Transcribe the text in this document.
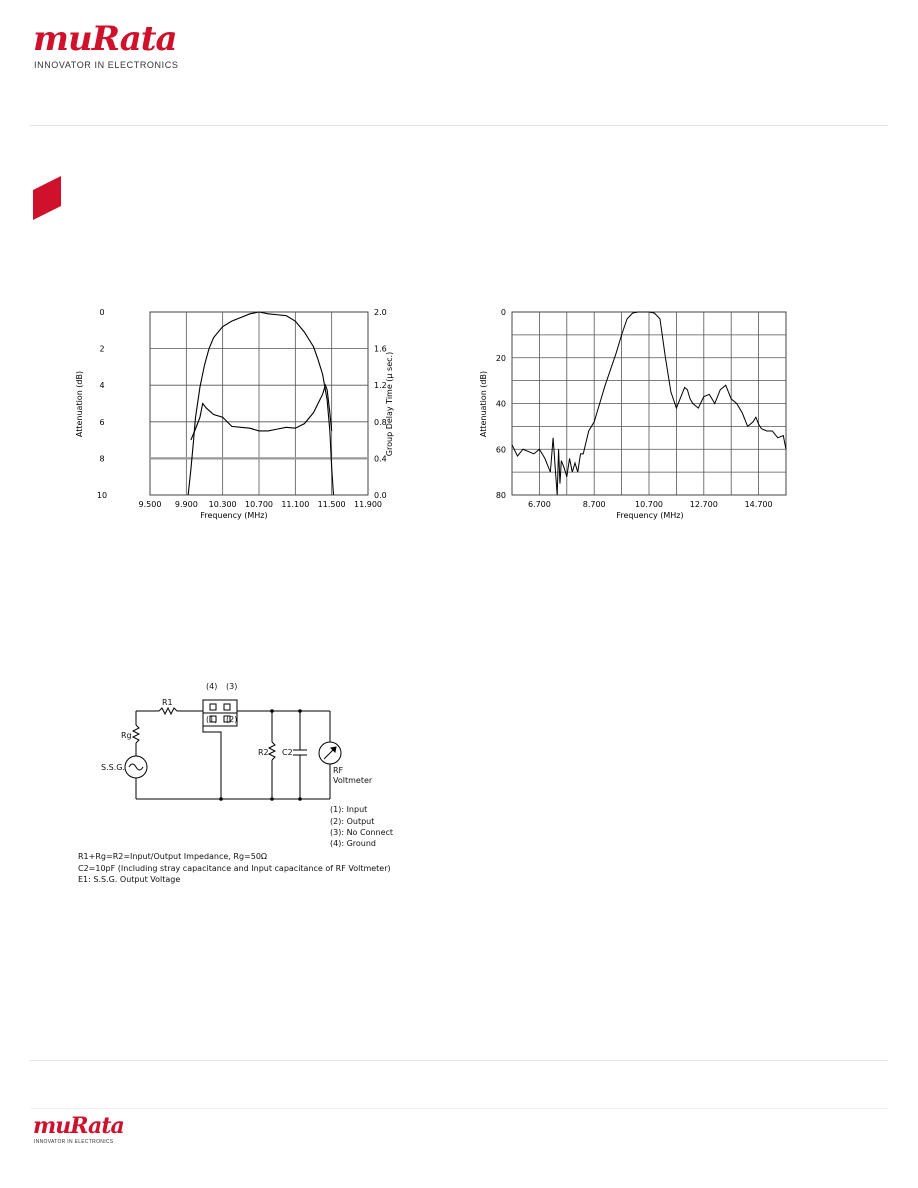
muRata
INNOVATOR IN ELECTRONICS
9.500 9.900 10.300 10.700 11.100 11.500 11.900
0
2
4
6
8
10
2.0
1.6
1.2
0.8
0.4
0.0
Frequency (MHz)
Attenuation (dB)	Group Delay Time (μ sec.)
6.700	8.700	10.700	12.700	14.700
0
20
40
60
80
Frequency (MHz)
Attenuation (dB)
R1
Rg
S.S.G.
R2 C2
RF
Voltmeter
(4) (3)
(1) (2)
(1): Input
(2): Output
(3): No Connect
(4): Ground
R1+Rg=R2=Input/Output Impedance, Rg=50Ω
C2=10pF (Including stray capacitance and Input capacitance of RF Voltmeter)
E1: S.S.G. Output Voltage
muRata
INNOVATOR IN ELECTRONICS
